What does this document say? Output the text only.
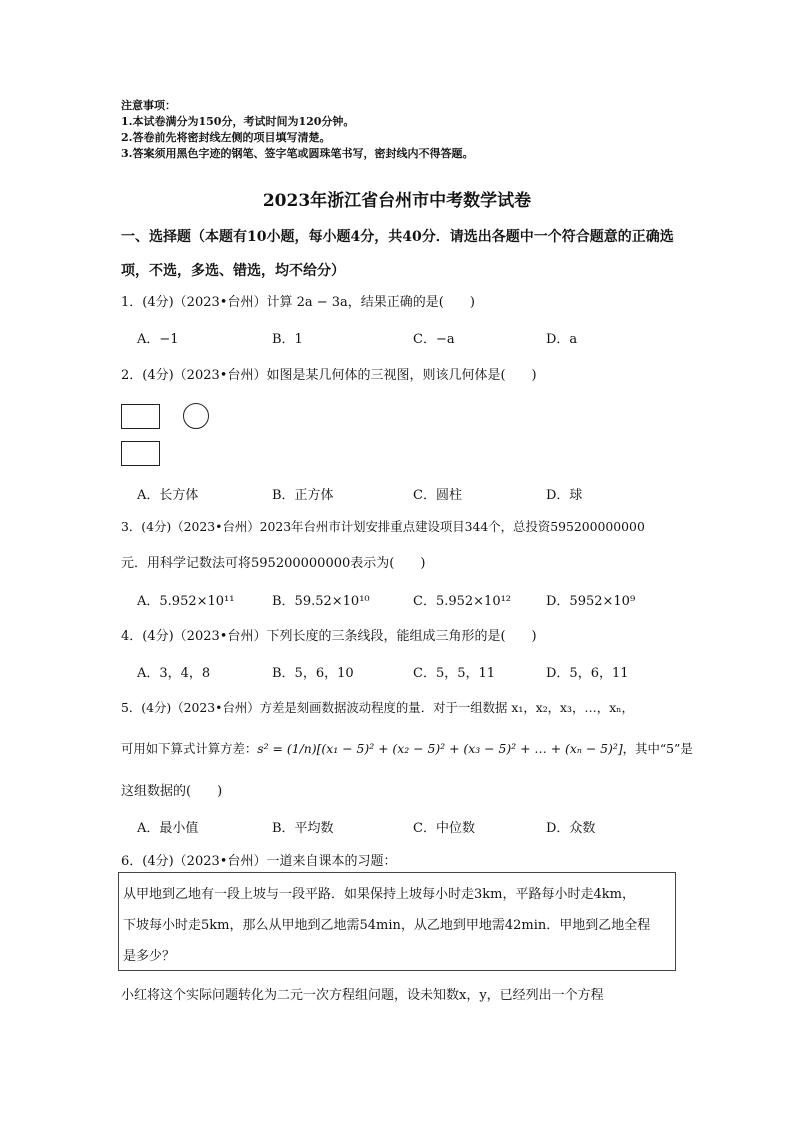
注意事项：
1.本试卷满分为150分，考试时间为120分钟。
2.答卷前先将密封线左侧的项目填写清楚。
3.答案须用黑色字迹的钢笔、签字笔或圆珠笔书写，密封线内不得答题。
2023年浙江省台州市中考数学试卷
一、选择题（本题有10小题，每小题4分，共40分．请选出各题中一个符合题意的正确选项，不选，多选、错选，均不给分）
1．(4分)（2023•台州）计算 2a − 3a，结果正确的是(　　)
A．−1	B．1	C．−a	D．a
2．(4分)（2023•台州）如图是某几何体的三视图，则该几何体是(　　)
A．长方体	B．正方体	C．圆柱	D．球
3．(4分)（2023•台州）2023年台州市计划安排重点建设项目344个，总投资595200000000
元．用科学记数法可将595200000000表示为(　　)
A．5.952×10¹¹	B．59.52×10¹⁰	C．5.952×10¹²	D．5952×10⁹
4．(4分)（2023•台州）下列长度的三条线段，能组成三角形的是(　　)
A．3，4，8	B．5，6，10	C．5，5，11	D．5，6，11
5．(4分)（2023•台州）方差是刻画数据波动程度的量．对于一组数据 x₁，x₂，x₃，…，xₙ，
可用如下算式计算方差：s² = (1/n)[(x₁ − 5)² + (x₂ − 5)² + (x₃ − 5)² + … + (xₙ − 5)²]，其中“5”是
这组数据的(　　)
A．最小值	B．平均数	C．中位数	D．众数
6．(4分)（2023•台州）一道来自课本的习题：
从甲地到乙地有一段上坡与一段平路．如果保持上坡每小时走3km，平路每小时走4km，
下坡每小时走5km，那么从甲地到乙地需54min，从乙地到甲地需42min．甲地到乙地全程
是多少？
小红将这个实际问题转化为二元一次方程组问题，设未知数x，y，已经列出一个方程
